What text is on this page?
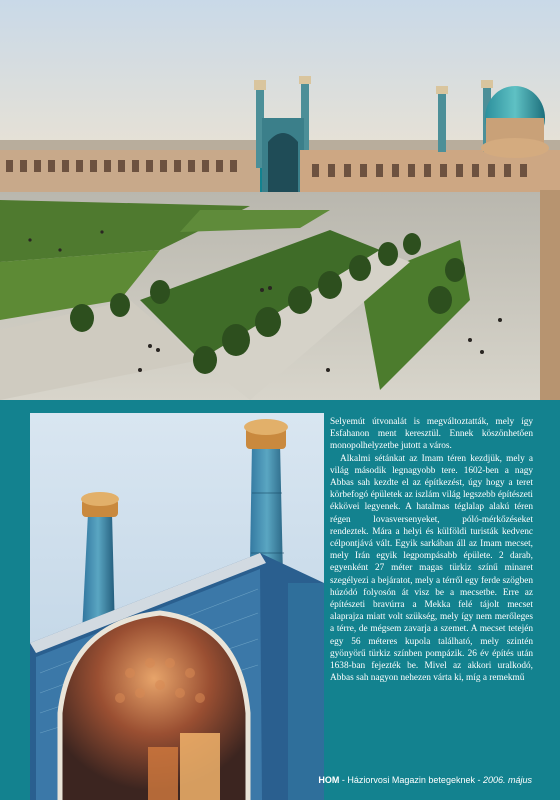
Selyemút útvonalát is megváltoztatták, mely így Esfahanon ment keresztül. Ennek köszönhetően monopolhelyzetbe jutott a város.

Alkalmi sétánkat az Imam téren kezdjük, mely a világ második legnagyobb tere. 1602-ben a nagy Abbas sah kezdte el az építkezést, úgy hogy a teret körbefogó épületek az iszlám világ legszebb építészeti ékkövei legyenek. A hatalmas téglalap alakú téren régen lovasversenyeket, póló-mérkőzéseket rendeztek. Mára a helyi és külföldi turisták kedvenc célpontjává vált. Egyik sarkában áll az Imam mecset, mely Irán egyik legpompásabb épülete. 2 darab, egyenként 27 méter magas türkiz színű minaret szegélyezi a bejáratot, mely a térről egy ferde szögben húzódó folyosón át visz be a mecsetbe. Erre az építészeti bravúrra a Mekka felé tájolt mecset alaprajza miatt volt szükség, mely így nem merőleges a térre, de mégsem zavarja a szemet. A mecset tetején egy 56 méteres kupola található, mely szintén gyönyörű türkiz színben pompázik. 26 év építés után 1638-ban fejezték be. Mivel az akkori uralkodó, Abbas sah nagyon nehezen várta ki, míg a remekmű

HOM - Háziorvosi Magazin betegeknek - 2006. május
